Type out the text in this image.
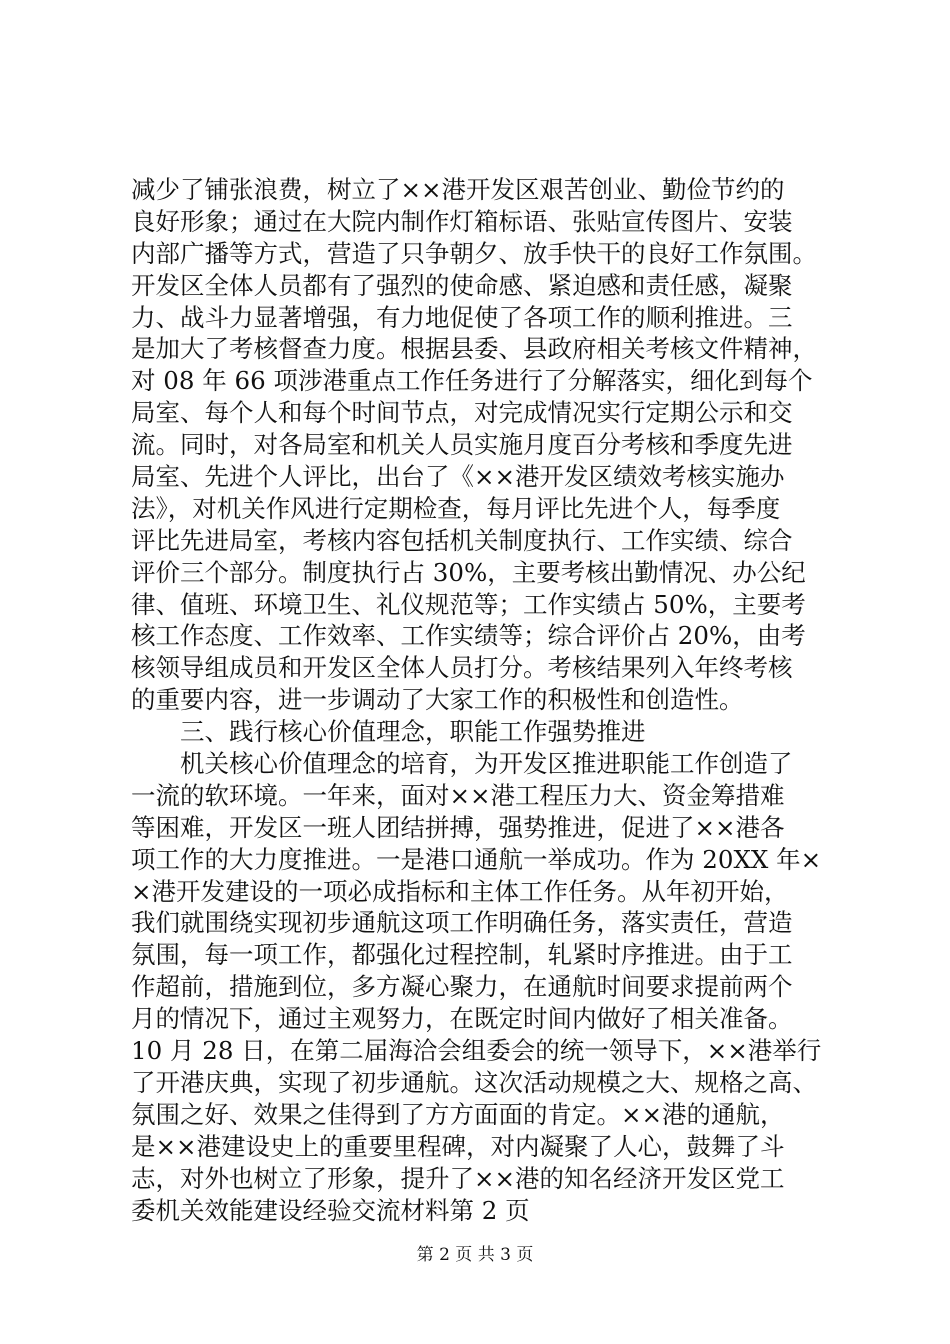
减少了铺张浪费，树立了××港开发区艰苦创业、勤俭节约的
良好形象；通过在大院内制作灯箱标语、张贴宣传图片、安装
内部广播等方式，营造了只争朝夕、放手快干的良好工作氛围。
开发区全体人员都有了强烈的使命感、紧迫感和责任感，凝聚
力、战斗力显著增强，有力地促使了各项工作的顺利推进。三
是加大了考核督查力度。根据县委、县政府相关考核文件精神，
对 08 年 66 项涉港重点工作任务进行了分解落实，细化到每个
局室、每个人和每个时间节点，对完成情况实行定期公示和交
流。同时，对各局室和机关人员实施月度百分考核和季度先进
局室、先进个人评比，出台了《××港开发区绩效考核实施办
法》，对机关作风进行定期检查，每月评比先进个人，每季度
评比先进局室，考核内容包括机关制度执行、工作实绩、综合
评价三个部分。制度执行占 30%，主要考核出勤情况、办公纪
律、值班、环境卫生、礼仪规范等；工作实绩占 50%，主要考
核工作态度、工作效率、工作实绩等；综合评价占 20%，由考
核领导组成员和开发区全体人员打分。考核结果列入年终考核
的重要内容，进一步调动了大家工作的积极性和创造性。
　　三、践行核心价值理念，职能工作强势推进
　　机关核心价值理念的培育，为开发区推进职能工作创造了
一流的软环境。一年来，面对××港工程压力大、资金筹措难
等困难，开发区一班人团结拼搏，强势推进，促进了××港各
项工作的大力度推进。一是港口通航一举成功。作为 20XX 年×
×港开发建设的一项必成指标和主体工作任务。从年初开始，
我们就围绕实现初步通航这项工作明确任务，落实责任，营造
氛围，每一项工作，都强化过程控制，轧紧时序推进。由于工
作超前，措施到位，多方凝心聚力，在通航时间要求提前两个
月的情况下，通过主观努力，在既定时间内做好了相关准备。
10 月 28 日，在第二届海洽会组委会的统一领导下，××港举行
了开港庆典，实现了初步通航。这次活动规模之大、规格之高、
氛围之好、效果之佳得到了方方面面的肯定。××港的通航，
是××港建设史上的重要里程碑，对内凝聚了人心，鼓舞了斗
志，对外也树立了形象，提升了××港的知名经济开发区党工
委机关效能建设经验交流材料第 2 页
第 2 页 共 3 页
